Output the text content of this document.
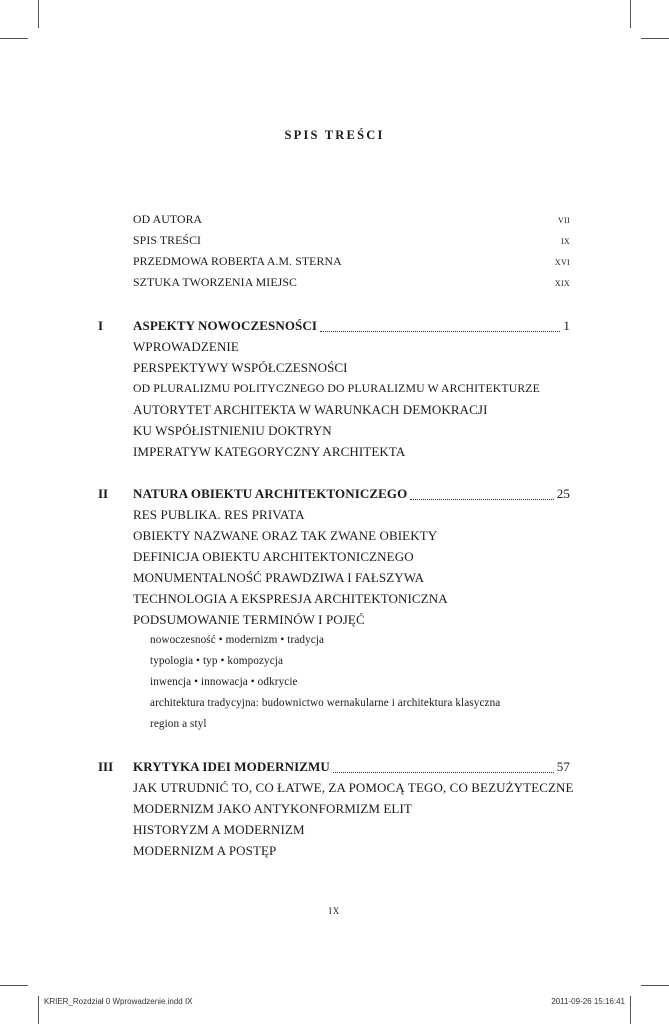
SPIS TREŚCI
OD AUTORA	VII
SPIS TREŚCI	IX
PRZEDMOWA ROBERTA A.M. STERNA	XVI
SZTUKA TWORZENIA MIEJSC	XIX
I ASPEKTY NOWOCZESNOŚCI	1
WPROWADZENIE
PERSPEKTYWY WSPÓŁCZESNOŚCI
OD PLURALIZMU POLITYCZNEGO DO PLURALIZMU W ARCHITEKTURZE
AUTORYTET ARCHITEKTA W WARUNKACH DEMOKRACJI
KU WSPÓŁISTNIENIU DOKTRYN
IMPERATYW KATEGORYCZNY ARCHITEKTA
II NATURA OBIEKTU ARCHITEKTONICZEGO	25
RES PUBLIKA. RES PRIVATA
OBIEKTY NAZWANE ORAZ TAK ZWANE OBIEKTY
DEFINICJA OBIEKTU ARCHITEKTONICZNEGO
MONUMENTALNOŚĆ PRAWDZIWA I FAŁSZYWA
TECHNOLOGIA A EKSPRESJA ARCHITEKTONICZNA
PODSUMOWANIE TERMINÓW I POJĘĆ
nowoczesność • modernizm • tradycja
typologia • typ • kompozycja
inwencja • innowacja • odkrycie
architektura tradycyjna: budownictwo wernakularne i architektura klasyczna
region a styl
III KRYTYKA IDEI MODERNIZMU	57
JAK UTRUDNIĆ TO, CO ŁATWE, ZA POMOCĄ TEGO, CO BEZUŻYTECZNE
MODERNIZM JAKO ANTYKONFORMIZM ELIT
HISTORYZM A MODERNIZM
MODERNIZM A POSTĘP
IX
KRIER_Rozdział 0 Wprowadzenie.indd IX	2011-09-26 15:16:41
